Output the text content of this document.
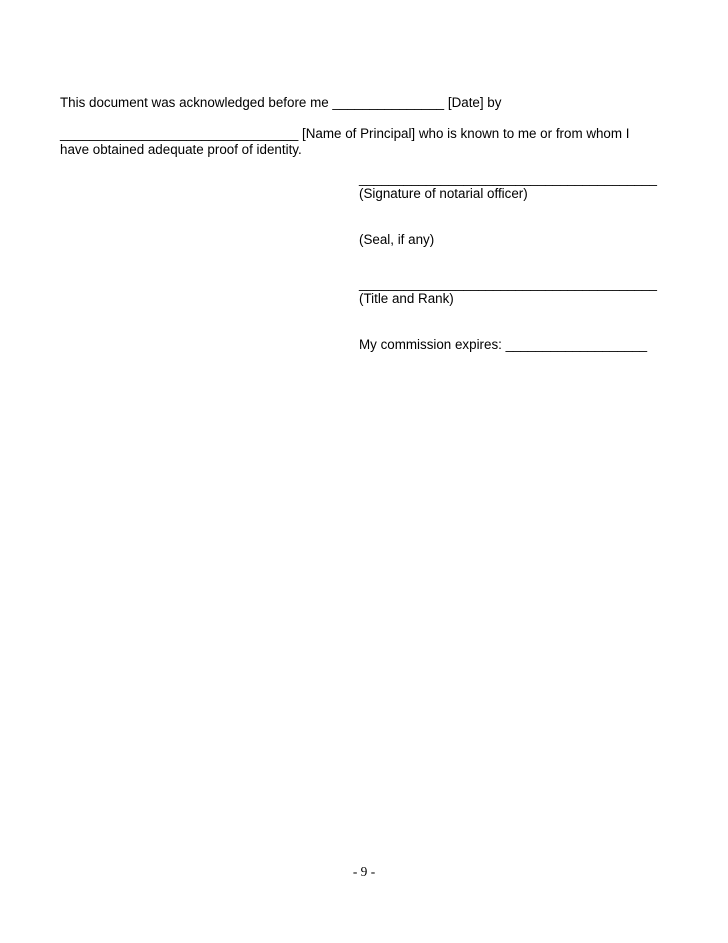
This document was acknowledged before me _______________ [Date] by
________________________________ [Name of Principal] who is known to me or from whom I
have obtained adequate proof of identity.
________________________________________
(Signature of notarial officer)
(Seal, if any)
________________________________________
(Title and Rank)
My commission expires: ___________________
- 9 -
